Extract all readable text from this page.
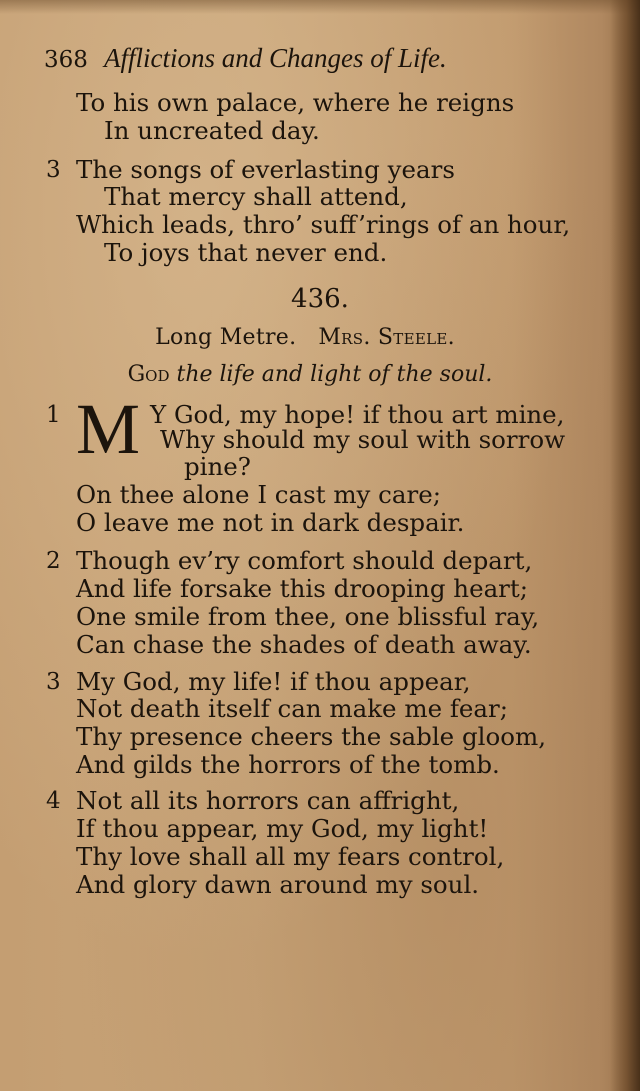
368 Afflictions and Changes of Life.
To his own palace, where he reigns
In uncreated day.
3 The songs of everlasting years
That mercy shall attend,
Which leads, thro’ suff’rings of an hour,
To joys that never end.
436.
Long Metre. Mrs. Steele.
God the life and light of the soul.
1 M Y God, my hope! if thou art mine,
Why should my soul with sorrow
pine?
On thee alone I cast my care;
O leave me not in dark despair.
2 Though ev’ry comfort should depart,
And life forsake this drooping heart;
One smile from thee, one blissful ray,
Can chase the shades of death away.
3 My God, my life! if thou appear,
Not death itself can make me fear;
Thy presence cheers the sable gloom,
And gilds the horrors of the tomb.
4 Not all its horrors can affright,
If thou appear, my God, my light!
Thy love shall all my fears control,
And glory dawn around my soul.
